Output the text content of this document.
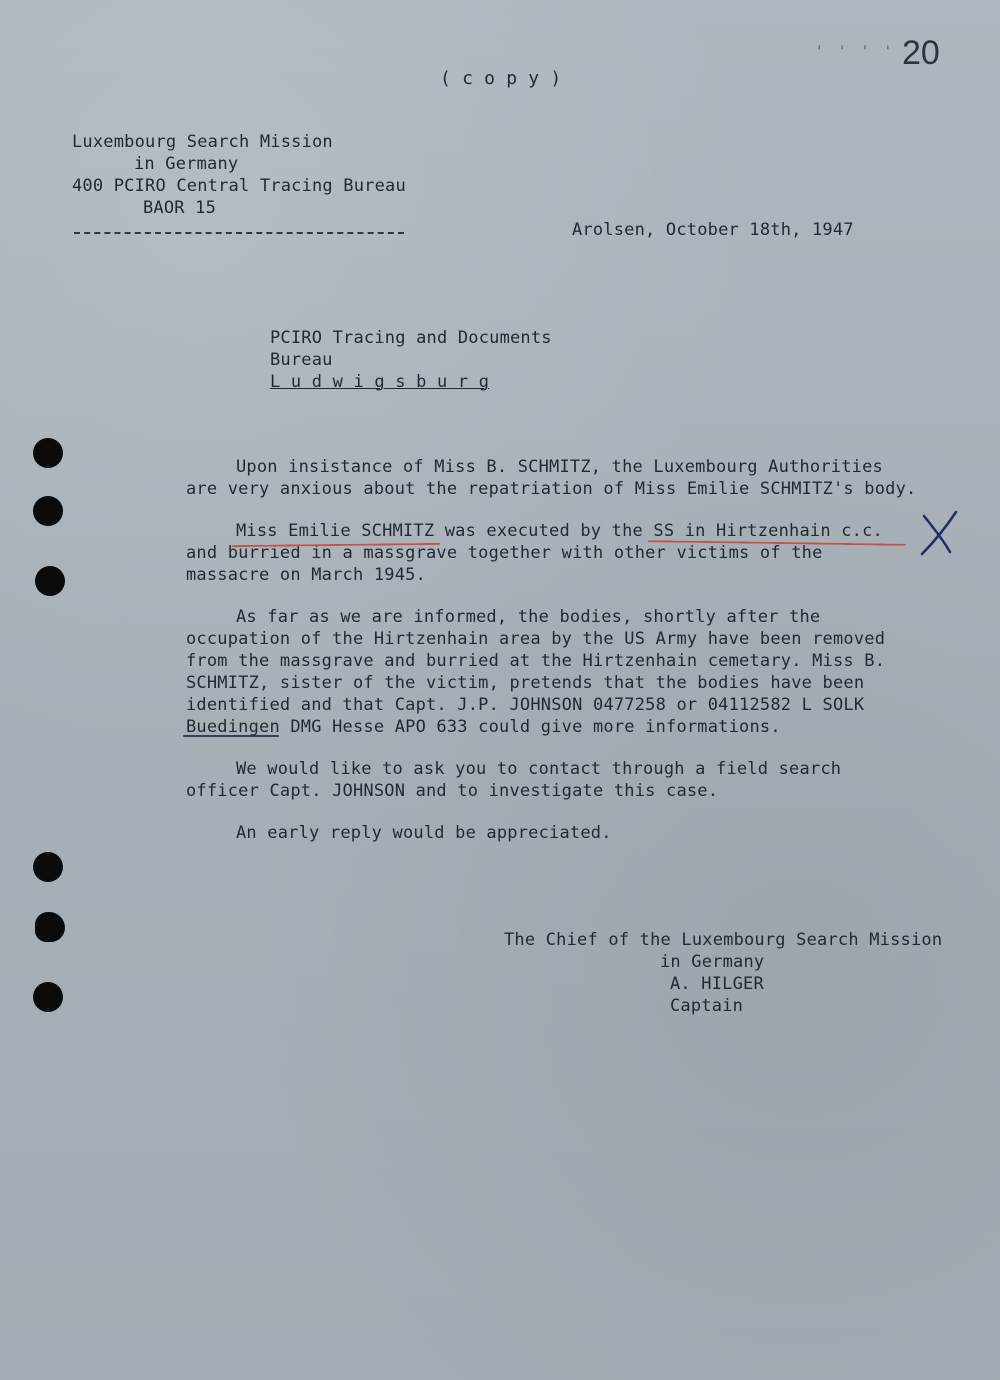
( c o p y )
' ' ' ' 20
Luxembourg Search Mission
in Germany
400 PCIRO Central Tracing Bureau
BAOR 15
Arolsen, October 18th, 1947
PCIRO Tracing and Documents
Bureau
L u d w i g s b u r g
Upon insistance of Miss B. SCHMITZ, the Luxembourg Authorities
are very anxious about the repatriation of Miss Emilie SCHMITZ's body.
Miss Emilie SCHMITZ was executed by the SS in Hirtzenhain c.c.
and burried in a massgrave together with other victims of the
massacre on March 1945.
As far as we are informed, the bodies, shortly after the
occupation of the Hirtzenhain area by the US Army have been removed
from the massgrave and burried at the Hirtzenhain cemetary. Miss B.
SCHMITZ, sister of the victim, pretends that the bodies have been
identified and that Capt. J.P. JOHNSON 0477258 or 04112582 L SOLK
Buedingen DMG Hesse APO 633 could give more informations.
We would like to ask you to contact through a field search
officer Capt. JOHNSON and to investigate this case.
An early reply would be appreciated.
The Chief of the Luxembourg Search Mission
in Germany
A. HILGER
Captain
